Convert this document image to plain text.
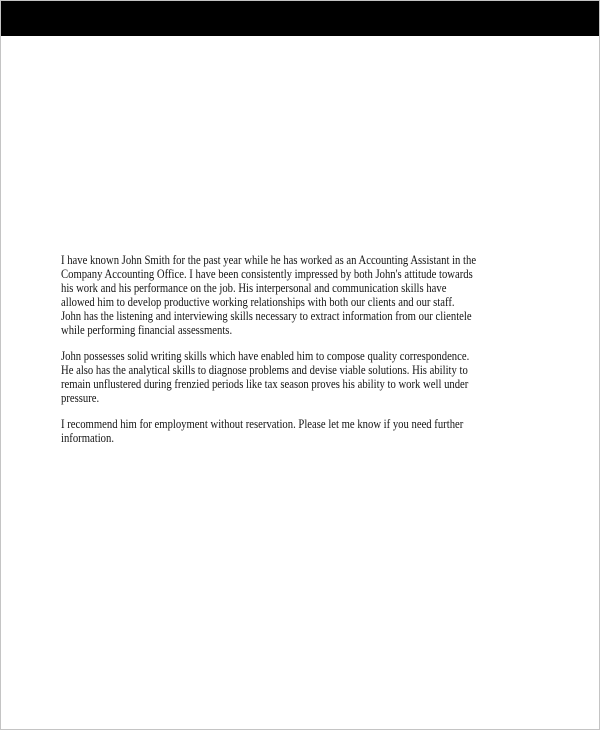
I have known John Smith for the past year while he has worked as an Accounting Assistant in the
Company Accounting Office. I have been consistently impressed by both John's attitude towards
his work and his performance on the job. His interpersonal and communication skills have
allowed him to develop productive working relationships with both our clients and our staff.
John has the listening and interviewing skills necessary to extract information from our clientele
while performing financial assessments.
John possesses solid writing skills which have enabled him to compose quality correspondence.
He also has the analytical skills to diagnose problems and devise viable solutions. His ability to
remain unflustered during frenzied periods like tax season proves his ability to work well under
pressure.
I recommend him for employment without reservation. Please let me know if you need further
information.
